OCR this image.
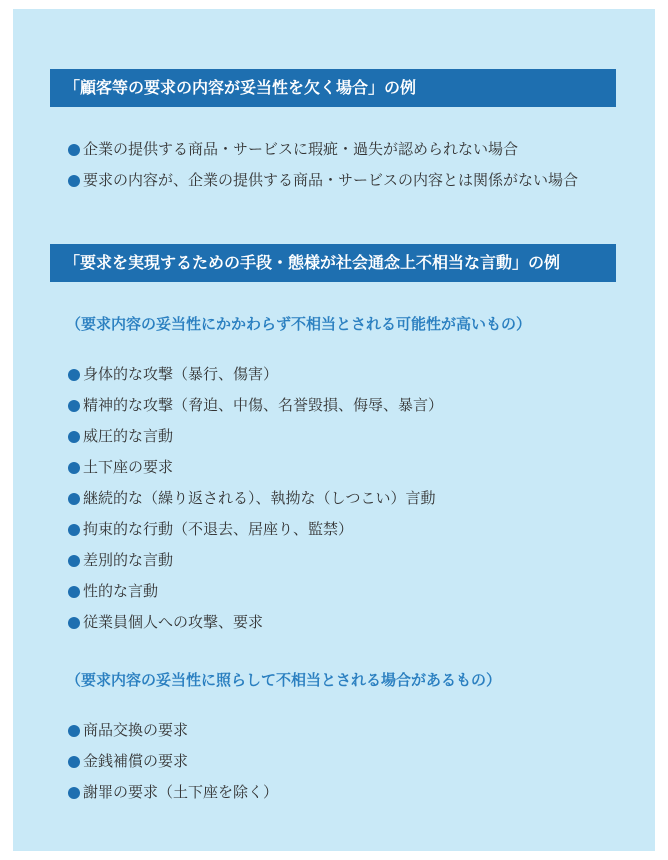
「顧客等の要求の内容が妥当性を欠く場合」の例
企業の提供する商品・サービスに瑕疵・過失が認められない場合
要求の内容が、企業の提供する商品・サービスの内容とは関係がない場合
「要求を実現するための手段・態様が社会通念上不相当な言動」の例
（要求内容の妥当性にかかわらず不相当とされる可能性が高いもの）
身体的な攻撃（暴行、傷害）
精神的な攻撃（脅迫、中傷、名誉毀損、侮辱、暴言）
威圧的な言動
土下座の要求
継続的な（繰り返される）、執拗な（しつこい）言動
拘束的な行動（不退去、居座り、監禁）
差別的な言動
性的な言動
従業員個人への攻撃、要求
（要求内容の妥当性に照らして不相当とされる場合があるもの）
商品交換の要求
金銭補償の要求
謝罪の要求（土下座を除く）
